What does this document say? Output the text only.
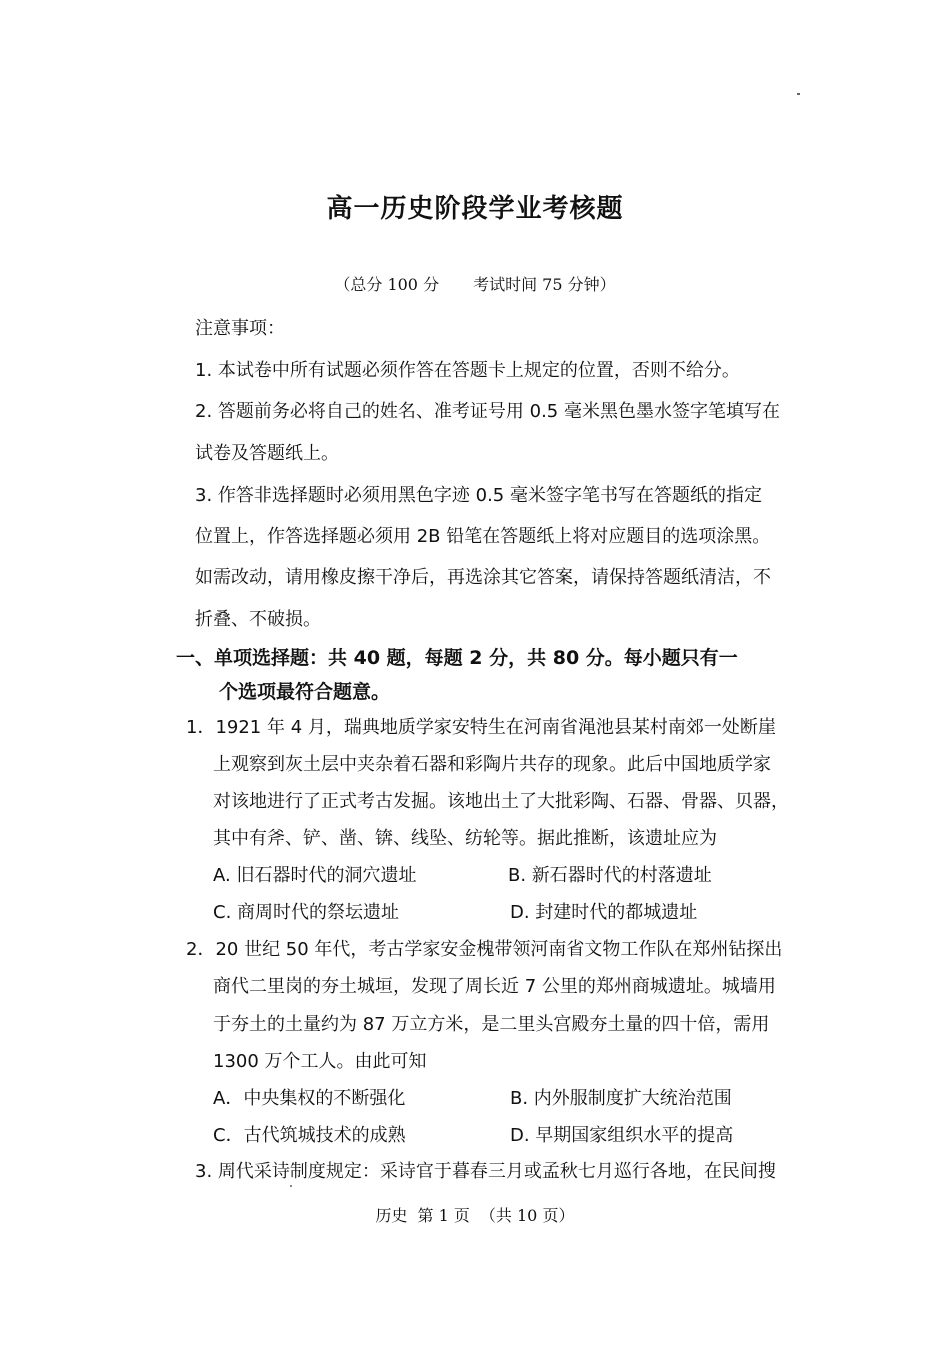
高一历史阶段学业考核题
（总分 100 分 考试时间 75 分钟）
注意事项：
1. 本试卷中所有试题必须作答在答题卡上规定的位置，否则不给分。
2. 答题前务必将自己的姓名、准考证号用 0.5 毫米黑色墨水签字笔填写在
试卷及答题纸上。
3. 作答非选择题时必须用黑色字迹 0.5 毫米签字笔书写在答题纸的指定
位置上，作答选择题必须用 2B 铅笔在答题纸上将对应题目的选项涂黑。
如需改动，请用橡皮擦干净后，再选涂其它答案，请保持答题纸清洁，不
折叠、不破损。
一、单项选择题：共 40 题，每题 2 分，共 80 分。每小题只有一
个选项最符合题意。
1．1921 年 4 月，瑞典地质学家安特生在河南省渑池县某村南郊一处断崖
上观察到灰土层中夹杂着石器和彩陶片共存的现象。此后中国地质学家
对该地进行了正式考古发掘。该地出土了大批彩陶、石器、骨器、贝器，
其中有斧、铲、凿、锛、线坠、纺轮等。据此推断，该遗址应为
A. 旧石器时代的洞穴遗址	B. 新石器时代的村落遗址
C. 商周时代的祭坛遗址	D. 封建时代的都城遗址
2．20 世纪 50 年代，考古学家安金槐带领河南省文物工作队在郑州钻探出
商代二里岗的夯土城垣，发现了周长近 7 公里的郑州商城遗址。城墙用
于夯土的土量约为 87 万立方米，是二里头宫殿夯土量的四十倍，需用
1300 万个工人。由此可知
A．中央集权的不断强化	B. 内外服制度扩大统治范围
C．古代筑城技术的成熟	D. 早期国家组织水平的提高
3. 周代采诗制度规定：采诗官于暮春三月或孟秋七月巡行各地，在民间搜
历史 第 1 页 （共 10 页）
